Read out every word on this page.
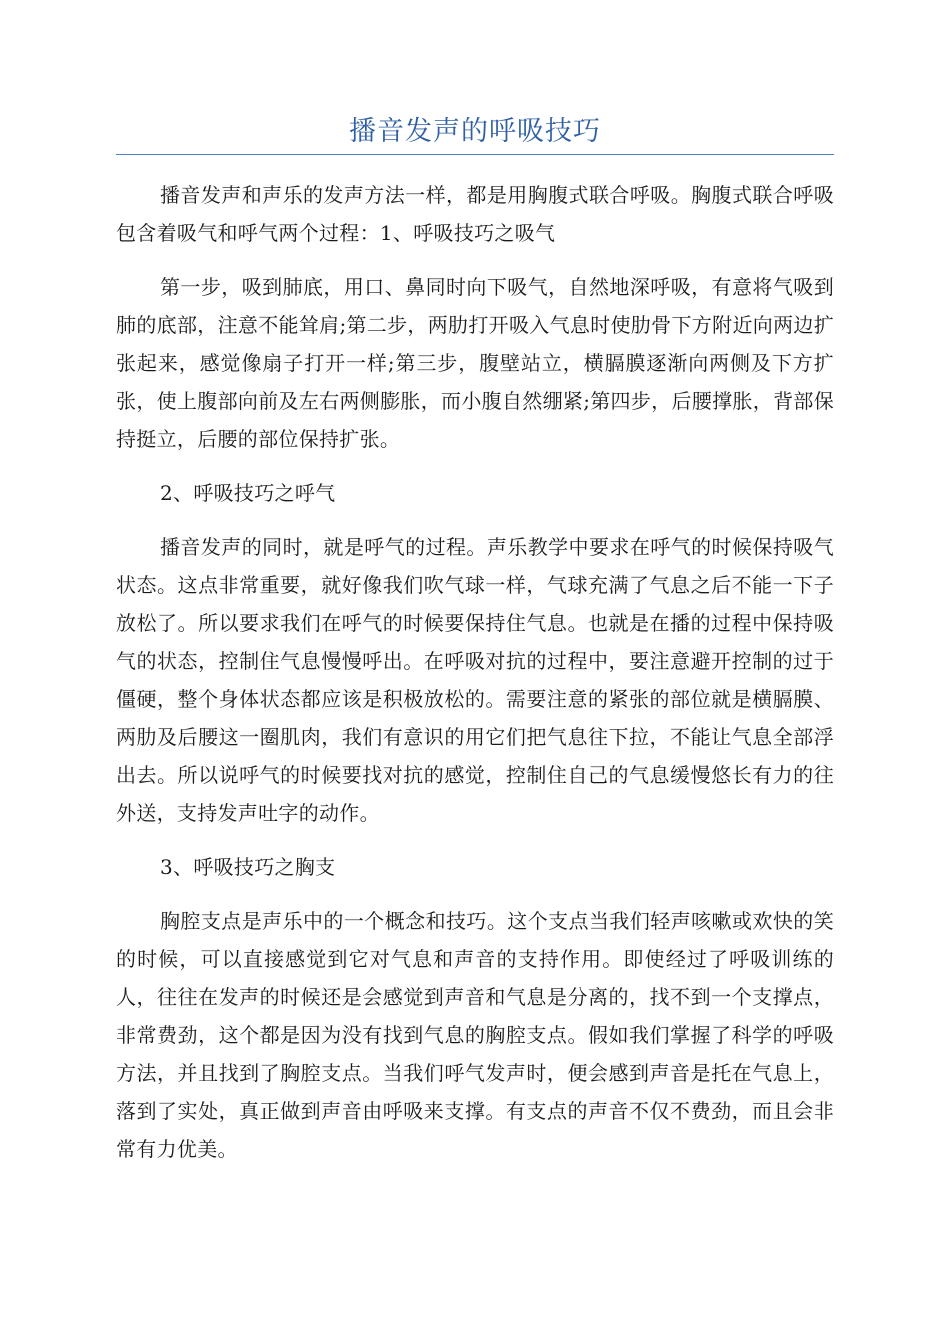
播音发声的呼吸技巧

播音发声和声乐的发声方法一样，都是用胸腹式联合呼吸。胸腹式联合呼吸包含着吸气和呼气两个过程：1、呼吸技巧之吸气

第一步，吸到肺底，用口、鼻同时向下吸气，自然地深呼吸，有意将气吸到肺的底部，注意不能耸肩;第二步，两肋打开吸入气息时使肋骨下方附近向两边扩张起来，感觉像扇子打开一样;第三步，腹壁站立，横膈膜逐渐向两侧及下方扩张，使上腹部向前及左右两侧膨胀，而小腹自然绷紧;第四步，后腰撑胀，背部保持挺立，后腰的部位保持扩张。

2、呼吸技巧之呼气

播音发声的同时，就是呼气的过程。声乐教学中要求在呼气的时候保持吸气状态。这点非常重要，就好像我们吹气球一样，气球充满了气息之后不能一下子放松了。所以要求我们在呼气的时候要保持住气息。也就是在播的过程中保持吸气的状态，控制住气息慢慢呼出。在呼吸对抗的过程中，要注意避开控制的过于僵硬，整个身体状态都应该是积极放松的。需要注意的紧张的部位就是横膈膜、两肋及后腰这一圈肌肉，我们有意识的用它们把气息往下拉，不能让气息全部浮出去。所以说呼气的时候要找对抗的感觉，控制住自己的气息缓慢悠长有力的往外送，支持发声吐字的动作。

3、呼吸技巧之胸支

胸腔支点是声乐中的一个概念和技巧。这个支点当我们轻声咳嗽或欢快的笑的时候，可以直接感觉到它对气息和声音的支持作用。即使经过了呼吸训练的人，往往在发声的时候还是会感觉到声音和气息是分离的，找不到一个支撑点，非常费劲，这个都是因为没有找到气息的胸腔支点。假如我们掌握了科学的呼吸方法，并且找到了胸腔支点。当我们呼气发声时，便会感到声音是托在气息上，落到了实处，真正做到声音由呼吸来支撑。有支点的声音不仅不费劲，而且会非常有力优美。
